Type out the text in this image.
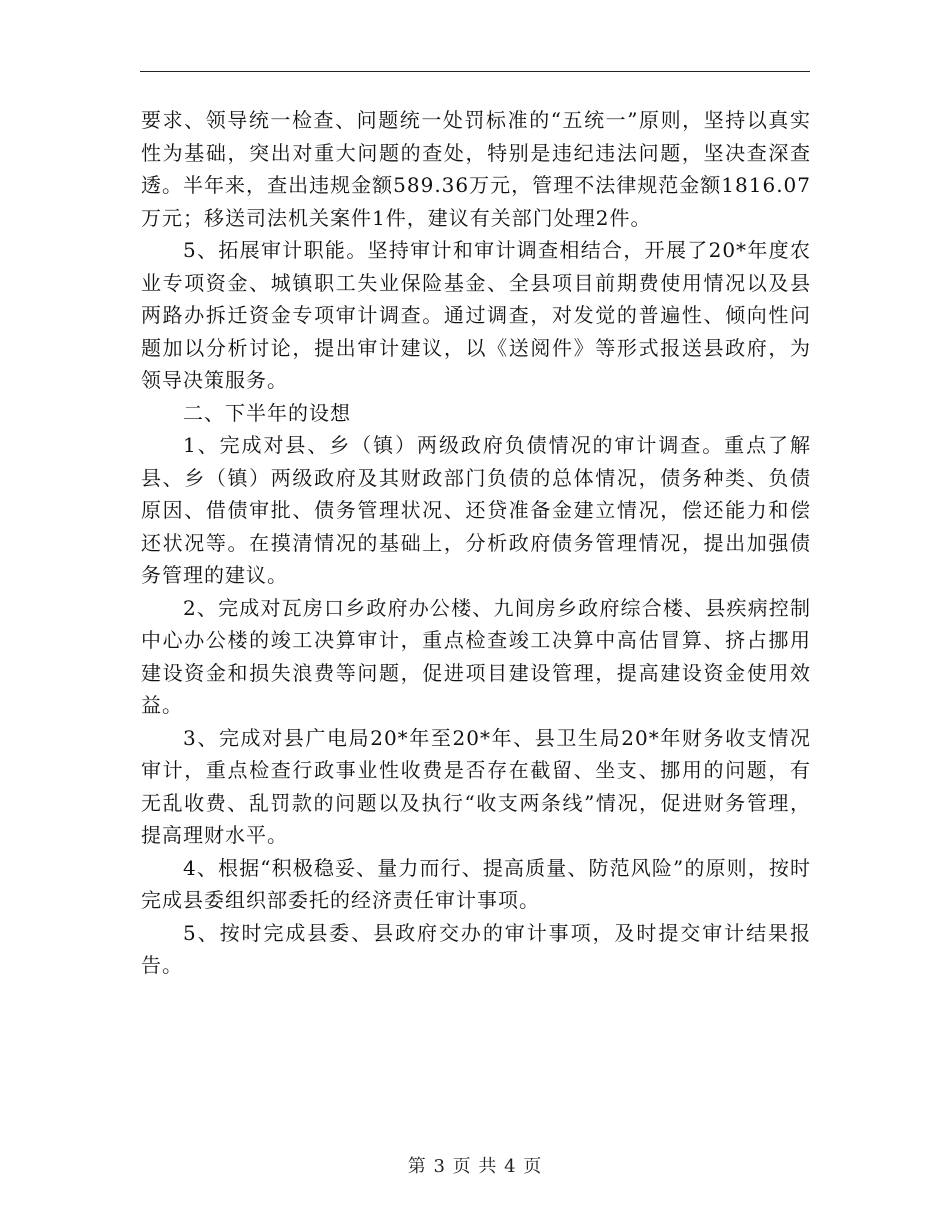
要求、领导统一检查、问题统一处罚标准的“五统一”原则，坚持以真实性为基础，突出对重大问题的查处，特别是违纪违法问题，坚决查深查透。半年来，查出违规金额589.36万元，管理不法律规范金额1816.07万元；移送司法机关案件1件，建议有关部门处理2件。

5、拓展审计职能。坚持审计和审计调查相结合，开展了20*年度农业专项资金、城镇职工失业保险基金、全县项目前期费使用情况以及县两路办拆迁资金专项审计调查。通过调查，对发觉的普遍性、倾向性问题加以分析讨论，提出审计建议，以《送阅件》等形式报送县政府，为领导决策服务。

二、下半年的设想

1、完成对县、乡（镇）两级政府负债情况的审计调查。重点了解县、乡（镇）两级政府及其财政部门负债的总体情况，债务种类、负债原因、借债审批、债务管理状况、还贷准备金建立情况，偿还能力和偿还状况等。在摸清情况的基础上，分析政府债务管理情况，提出加强债务管理的建议。

2、完成对瓦房口乡政府办公楼、九间房乡政府综合楼、县疾病控制中心办公楼的竣工决算审计，重点检查竣工决算中高估冒算、挤占挪用建设资金和损失浪费等问题，促进项目建设管理，提高建设资金使用效益。

3、完成对县广电局20*年至20*年、县卫生局20*年财务收支情况审计，重点检查行政事业性收费是否存在截留、坐支、挪用的问题，有无乱收费、乱罚款的问题以及执行“收支两条线”情况，促进财务管理，提高理财水平。

4、根据“积极稳妥、量力而行、提高质量、防范风险”的原则，按时完成县委组织部委托的经济责任审计事项。

5、按时完成县委、县政府交办的审计事项，及时提交审计结果报告。

第 3 页 共 4 页
